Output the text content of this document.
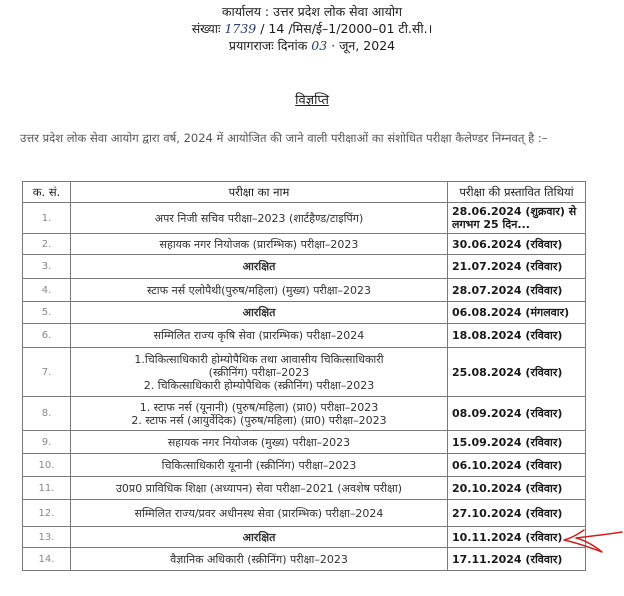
कार्यालय : उत्तर प्रदेश लोक सेवा आयोग
संख्याः 1739 / 14 /मिस/ई–1/2000–01 टी.सी.।
प्रयागराजः दिनांक 03 · जून, 2024
विज्ञप्ति
उत्तर प्रदेश लोक सेवा आयोग द्वारा वर्ष, 2024 में आयोजित की जाने वाली परीक्षाओं का संशोधित परीक्षा कैलेण्डर निम्नवत् है :–
क. सं.	परीक्षा का नाम	परीक्षा की प्रस्तावित तिथियां
1.	अपर निजी सचिव परीक्षा–2023 (शार्टहैण्ड/टाइपिंग)	28.06.2024 (शुक्रवार) से लगभग 25 दिन...
2.	सहायक नगर नियोजक (प्रारम्भिक) परीक्षा–2023	30.06.2024 (रविवार)
3.	आरक्षित	21.07.2024 (रविवार)
4.	स्टाफ नर्स एलोपैथी(पुरुष/महिला) (मुख्य) परीक्षा–2023	28.07.2024 (रविवार)
5.	आरक्षित	06.08.2024 (मंगलवार)
6.	सम्मिलित राज्य कृषि सेवा (प्रारम्भिक) परीक्षा–2024	18.08.2024 (रविवार)
7.	1.चिकित्साधिकारी होम्योपैथिक तथा आवासीय चिकित्साधिकारी
(स्क्रीनिंग) परीक्षा–2023
2. चिकित्साधिकारी होम्योपैथिक (स्क्रीनिंग) परीक्षा–2023	25.08.2024 (रविवार)
8.	1. स्टाफ नर्स (यूनानी) (पुरुष/महिला) (प्रा0) परीक्षा–2023
2. स्टाफ नर्स (आयुर्वेदिक) (पुरुष/महिला) (प्रा0) परीक्षा–2023	08.09.2024 (रविवार)
9.	सहायक नगर नियोजक (मुख्य) परीक्षा–2023	15.09.2024 (रविवार)
10.	चिकित्साधिकारी यूनानी (स्क्रीनिंग) परीक्षा–2023	06.10.2024 (रविवार)
11.	उ0प्र0 प्राविधिक शिक्षा (अध्यापन) सेवा परीक्षा–2021 (अवशेष परीक्षा)	20.10.2024 (रविवार)
12.	सम्मिलित राज्य/प्रवर अधीनस्थ सेवा (प्रारम्भिक) परीक्षा–2024	27.10.2024 (रविवार)
13.	आरक्षित	10.11.2024 (रविवार)
14.	वैज्ञानिक अधिकारी (स्क्रीनिंग) परीक्षा–2023	17.11.2024 (रविवार)
